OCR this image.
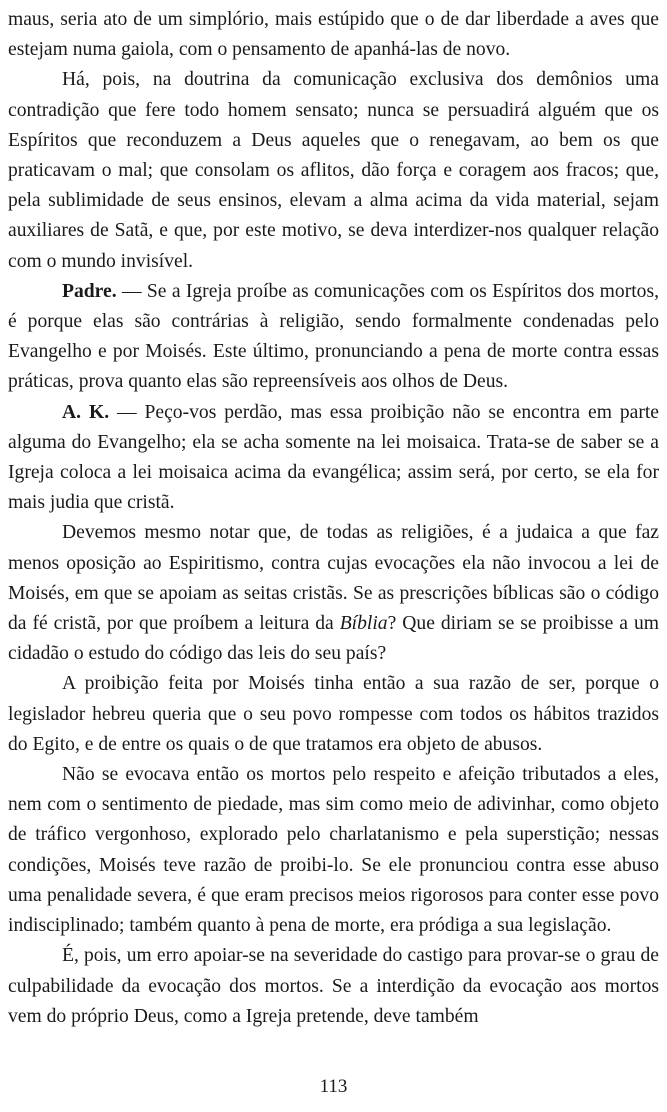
maus, seria ato de um simplório, mais estúpido que o de dar liberdade a aves que estejam numa gaiola, com o pensamento de apanhá-las de novo.

Há, pois, na doutrina da comunicação exclusiva dos demônios uma contradição que fere todo homem sensato; nunca se persuadirá alguém que os Espíritos que reconduzem a Deus aqueles que o renegavam, ao bem os que praticavam o mal; que consolam os aflitos, dão força e coragem aos fracos; que, pela sublimidade de seus ensinos, elevam a alma acima da vida material, sejam auxiliares de Satã, e que, por este motivo, se deva interdizer-nos qualquer relação com o mundo invisível.

Padre. — Se a Igreja proíbe as comunicações com os Espíritos dos mortos, é porque elas são contrárias à religião, sendo formalmente condenadas pelo Evangelho e por Moisés. Este último, pronunciando a pena de morte contra essas práticas, prova quanto elas são repreensíveis aos olhos de Deus.

A. K. — Peço-vos perdão, mas essa proibição não se encontra em parte alguma do Evangelho; ela se acha somente na lei moisaica. Trata-se de saber se a Igreja coloca a lei moisaica acima da evangélica; assim será, por certo, se ela for mais judia que cristã.

Devemos mesmo notar que, de todas as religiões, é a judaica a que faz menos oposição ao Espiritismo, contra cujas evocações ela não invocou a lei de Moisés, em que se apoiam as seitas cristãs. Se as prescrições bíblicas são o código da fé cristã, por que proíbem a leitura da Bíblia? Que diriam se se proibisse a um cidadão o estudo do código das leis do seu país?

A proibição feita por Moisés tinha então a sua razão de ser, porque o legislador hebreu queria que o seu povo rompesse com todos os hábitos trazidos do Egito, e de entre os quais o de que tratamos era objeto de abusos.

Não se evocava então os mortos pelo respeito e afeição tributados a eles, nem com o sentimento de piedade, mas sim como meio de adivinhar, como objeto de tráfico vergonhoso, explorado pelo charlatanismo e pela superstição; nessas condições, Moisés teve razão de proibi-lo. Se ele pronunciou contra esse abuso uma penalidade severa, é que eram precisos meios rigorosos para conter esse povo indisciplinado; também quanto à pena de morte, era pródiga a sua legislação.

É, pois, um erro apoiar-se na severidade do castigo para provar-se o grau de culpabilidade da evocação dos mortos. Se a interdição da evocação aos mortos vem do próprio Deus, como a Igreja pretende, deve também

113
